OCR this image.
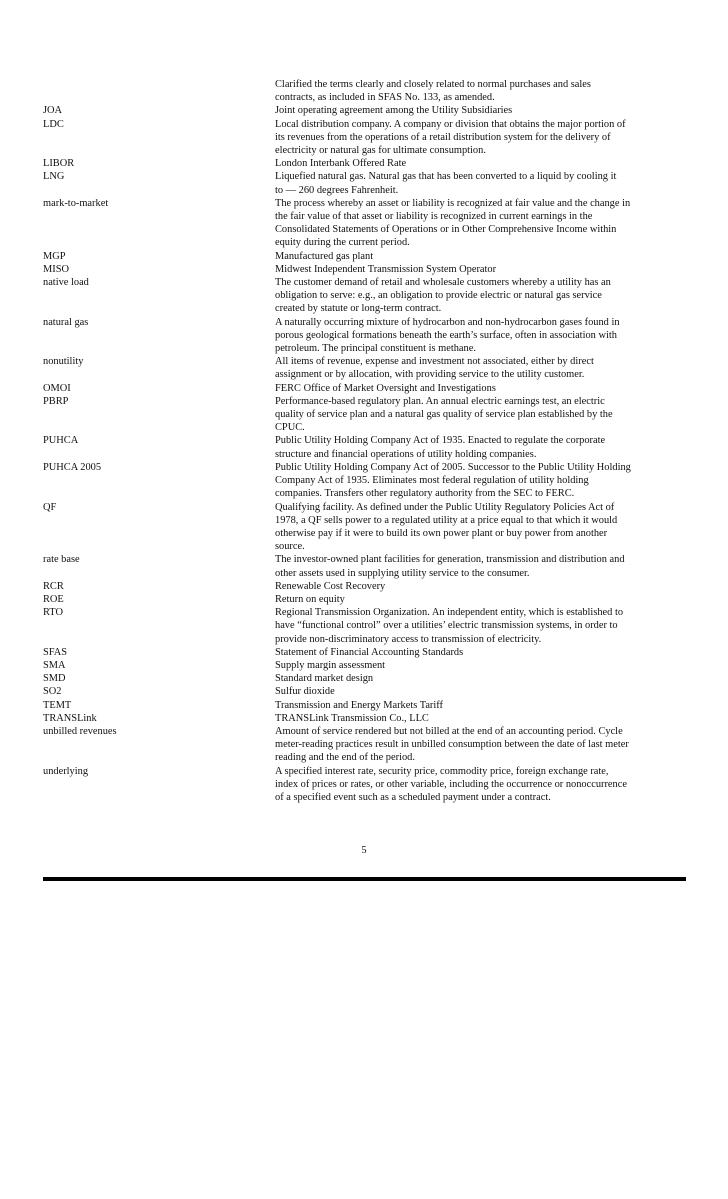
Clarified the terms clearly and closely related to normal purchases and sales
contracts, as included in SFAS No. 133, as amended.
JOA	Joint operating agreement among the Utility Subsidiaries
LDC	Local distribution company. A company or division that obtains the major portion of
its revenues from the operations of a retail distribution system for the delivery of
electricity or natural gas for ultimate consumption.
LIBOR	London Interbank Offered Rate
LNG	Liquefied natural gas. Natural gas that has been converted to a liquid by cooling it
to — 260 degrees Fahrenheit.
mark-to-market	The process whereby an asset or liability is recognized at fair value and the change in
the fair value of that asset or liability is recognized in current earnings in the
Consolidated Statements of Operations or in Other Comprehensive Income within
equity during the current period.
MGP	Manufactured gas plant
MISO	Midwest Independent Transmission System Operator
native load	The customer demand of retail and wholesale customers whereby a utility has an
obligation to serve: e.g., an obligation to provide electric or natural gas service
created by statute or long-term contract.
natural gas	A naturally occurring mixture of hydrocarbon and non-hydrocarbon gases found in
porous geological formations beneath the earth’s surface, often in association with
petroleum. The principal constituent is methane.
nonutility	All items of revenue, expense and investment not associated, either by direct
assignment or by allocation, with providing service to the utility customer.
OMOI	FERC Office of Market Oversight and Investigations
PBRP	Performance-based regulatory plan. An annual electric earnings test, an electric
quality of service plan and a natural gas quality of service plan established by the
CPUC.
PUHCA	Public Utility Holding Company Act of 1935. Enacted to regulate the corporate
structure and financial operations of utility holding companies.
PUHCA 2005	Public Utility Holding Company Act of 2005. Successor to the Public Utility Holding
Company Act of 1935. Eliminates most federal regulation of utility holding
companies. Transfers other regulatory authority from the SEC to FERC.
QF	Qualifying facility. As defined under the Public Utility Regulatory Policies Act of
1978, a QF sells power to a regulated utility at a price equal to that which it would
otherwise pay if it were to build its own power plant or buy power from another
source.
rate base	The investor-owned plant facilities for generation, transmission and distribution and
other assets used in supplying utility service to the consumer.
RCR	Renewable Cost Recovery
ROE	Return on equity
RTO	Regional Transmission Organization. An independent entity, which is established to
have “functional control” over a utilities’ electric transmission systems, in order to
provide non-discriminatory access to transmission of electricity.
SFAS	Statement of Financial Accounting Standards
SMA	Supply margin assessment
SMD	Standard market design
SO2	Sulfur dioxide
TEMT	Transmission and Energy Markets Tariff
TRANSLink	TRANSLink Transmission Co., LLC
unbilled revenues	Amount of service rendered but not billed at the end of an accounting period. Cycle
meter-reading practices result in unbilled consumption between the date of last meter
reading and the end of the period.
underlying	A specified interest rate, security price, commodity price, foreign exchange rate,
index of prices or rates, or other variable, including the occurrence or nonoccurrence
of a specified event such as a scheduled payment under a contract.
5
